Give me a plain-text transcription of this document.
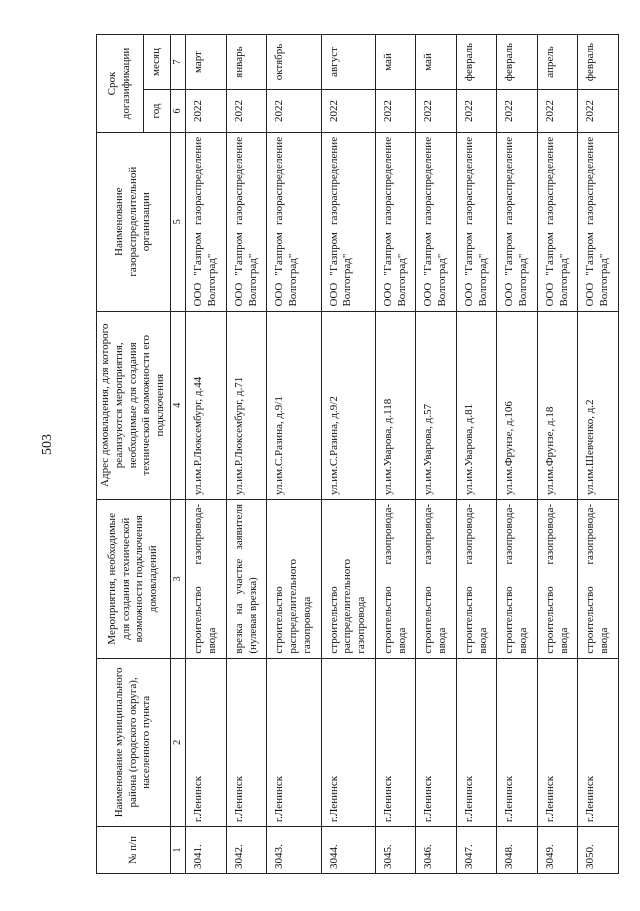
503
№ п/п	Наименование муниципального района (городского округа), населенного пункта	Мероприятия, необходимые для создания технической возможности подключения домовладений	Адрес домовладения, для которого реализуются мероприятия, необходимые для создания технической возможности его подключения	Наименование газораспределительной организации	Срок догазификации	
					год	месяц
1	2	3	4	5	6	7
3041.	г.Ленинск	строительство газопровода-ввода	ул.им.Р.Люксембург, д.44	ООО "Газпром газораспределение Волгоград"	2022	март
3042.	г.Ленинск	врезка на участке заявителя (нулевая врезка)	ул.им.Р.Люксембург, д.71	ООО "Газпром газораспределение Волгоград"	2022	январь
3043.	г.Ленинск	строительство распределительного газопровода	ул.им.С.Разина, д.9/1	ООО "Газпром газораспределение Волгоград"	2022	октябрь
3044.	г.Ленинск	строительство распределительного газопровода	ул.им.С.Разина, д.9/2	ООО "Газпром газораспределение Волгоград"	2022	август
3045.	г.Ленинск	строительство газопровода-ввода	ул.им.Уварова, д.118	ООО "Газпром газораспределение Волгоград"	2022	май
3046.	г.Ленинск	строительство газопровода-ввода	ул.им.Уварова, д.57	ООО "Газпром газораспределение Волгоград"	2022	май
3047.	г.Ленинск	строительство газопровода-ввода	ул.им.Уварова, д.81	ООО "Газпром газораспределение Волгоград"	2022	февраль
3048.	г.Ленинск	строительство газопровода-ввода	ул.им.Фрунзе, д.106	ООО "Газпром газораспределение Волгоград"	2022	февраль
3049.	г.Ленинск	строительство газопровода-ввода	ул.им.Фрунзе, д.18	ООО "Газпром газораспределение Волгоград"	2022	апрель
3050.	г.Ленинск	строительство газопровода-ввода	ул.им.Шевченко, д.2	ООО "Газпром газораспределение Волгоград"	2022	февраль
